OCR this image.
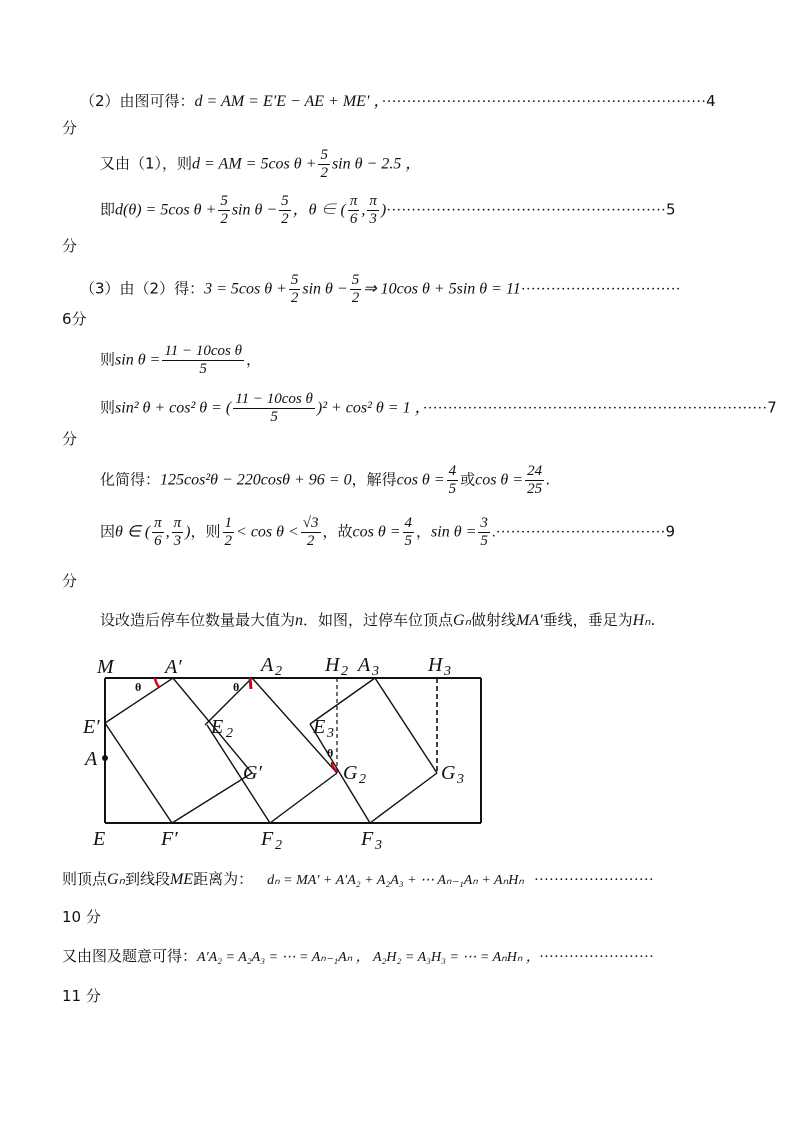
（2）由图可得：d = AM = E′E − AE + ME′ ，·································································4
分
又由（1），则d = AM = 5cos $\theta + \frac{5}{2}$ sin θ − 2.5 ，
即d(θ) = 5cos $\theta + \frac{5}{2}$ $\sin \theta - \frac{5}{2}$ ，θ ∈ ( $\frac{\pi}{6}$ , $\frac{\pi}{3} )\cdot\cdot\cdot\cdot\cdot\cdot\cdot\cdot\cdot\cdot\cdot\cdot\cdot\cdot\cdot\cdot\cdot\cdot\cdot\cdot\cdot\cdot\cdot\cdot\cdot\cdot\cdot\cdot\cdot\cdot\cdot\cdot\cdot\cdot\cdot\cdot\cdot\cdot\cdot\cdot\cdot\cdot\cdot\cdot\cdot\cdot\cdot\cdot\cdot\cdot\cdot\cdot\cdot\cdot\cdot\cdot 5$
分
（3）由（2）得：3 = 5cos $\theta + \frac{5}{2}$ $\sin \theta - \frac{5}{2}$ ⇒ 10cos θ + 5sin θ = 11································
6分
则$\sin \theta = \frac{\text{11 − 10cos θ}}{5}$ ，
则sin² θ + cos² θ = ( $\frac{\text{11 − 10cos θ}}{5} )^2 + \cos^2$ θ = 1 ，·····································································7
分
化简得：125cos²θ − 220cosθ + 96 = 0，解得$\cos \theta = \frac{4}{5}$ 或$\cos \theta = \frac{24}{25}$ .
因θ ∈ ( $\frac{\pi}{6}$ , $\frac{\pi}{3}$ )，则 $\frac{1}{2} < \cos \theta < \frac{√3}{2}$ ，故$\cos \theta = \frac{4}{5}$ ，$\sin \theta = \frac{3}{5} .\cdot\cdot\cdot\cdot\cdot\cdot\cdot\cdot\cdot\cdot\cdot\cdot\cdot\cdot\cdot\cdot\cdot\cdot\cdot\cdot\cdot\cdot\cdot\cdot\cdot\cdot\cdot\cdot\cdot\cdot\cdot\cdot\cdot\cdot 9$
分
设改造后停车位数量最大值为n．如图，过停车位顶点Gₙ做射线MA′垂线，垂足为Hₙ.
M	A′	A 2 H 2 A 3 H 3
E′	E 2	E 3
A
G′	G 2	G 3
E	F′	F 2	F 3
θ	θ
θ
则顶点Gₙ到线段ME距离为： dₙ = MA′ + A′A₂ + A₂A₃ + ⋯ Aₙ₋₁Aₙ + AₙHₙ ························
10 分
又由图及题意可得：A′A₂ = A₂A₃ = ⋯ = Aₙ₋₁Aₙ ， A₂H₂ = A₃H₃ = ⋯ = AₙHₙ ， ·······················
11 分
